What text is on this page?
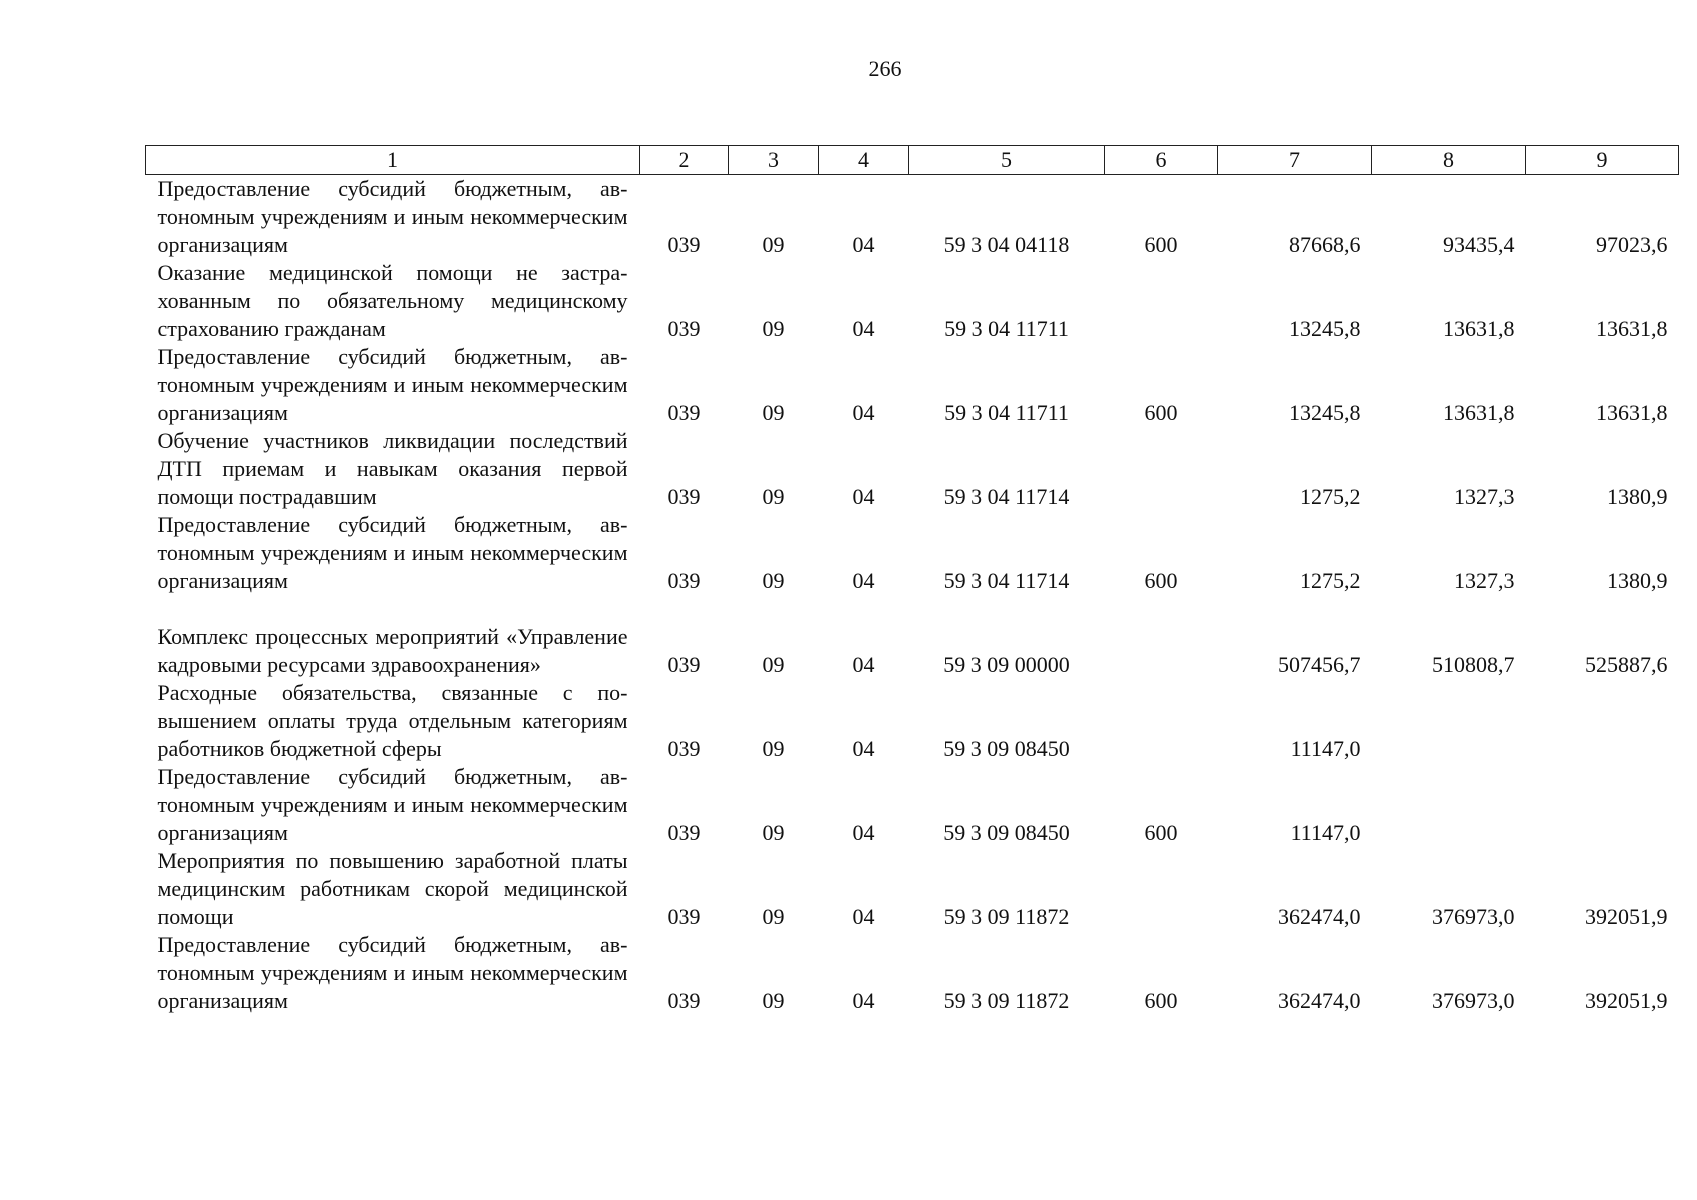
266
1	2	3	4	5	6	7	8	9
Предоставление субсидий бюджетным, автономным учреждениям и иным некоммерческим организациям	039	09	04	59 3 04 04118	600	87668,6	93435,4	97023,6
Оказание медицинской помощи не застрахованным по обязательному медицинскому страхованию гражданам	039	09	04	59 3 04 11711		13245,8	13631,8	13631,8
Предоставление субсидий бюджетным, автономным учреждениям и иным некоммерческим организациям	039	09	04	59 3 04 11711	600	13245,8	13631,8	13631,8
Обучение участников ликвидации последствий ДТП приемам и навыкам оказания первой помощи пострадавшим	039	09	04	59 3 04 11714		1275,2	1327,3	1380,9
Предоставление субсидий бюджетным, автономным учреждениям и иным некоммерческим организациям	039	09	04	59 3 04 11714	600	1275,2	1327,3	1380,9
Комплекс процессных мероприятий «Управление кадровыми ресурсами здравоохранения»	039	09	04	59 3 09 00000		507456,7	510808,7	525887,6
Расходные обязательства, связанные с повышением оплаты труда отдельным категориям работников бюджетной сферы	039	09	04	59 3 09 08450		11147,0		
Предоставление субсидий бюджетным, автономным учреждениям и иным некоммерческим организациям	039	09	04	59 3 09 08450	600	11147,0		
Мероприятия по повышению заработной платы медицинским работникам скорой медицинской помощи	039	09	04	59 3 09 11872		362474,0	376973,0	392051,9
Предоставление субсидий бюджетным, автономным учреждениям и иным некоммерческим организациям	039	09	04	59 3 09 11872	600	362474,0	376973,0	392051,9
